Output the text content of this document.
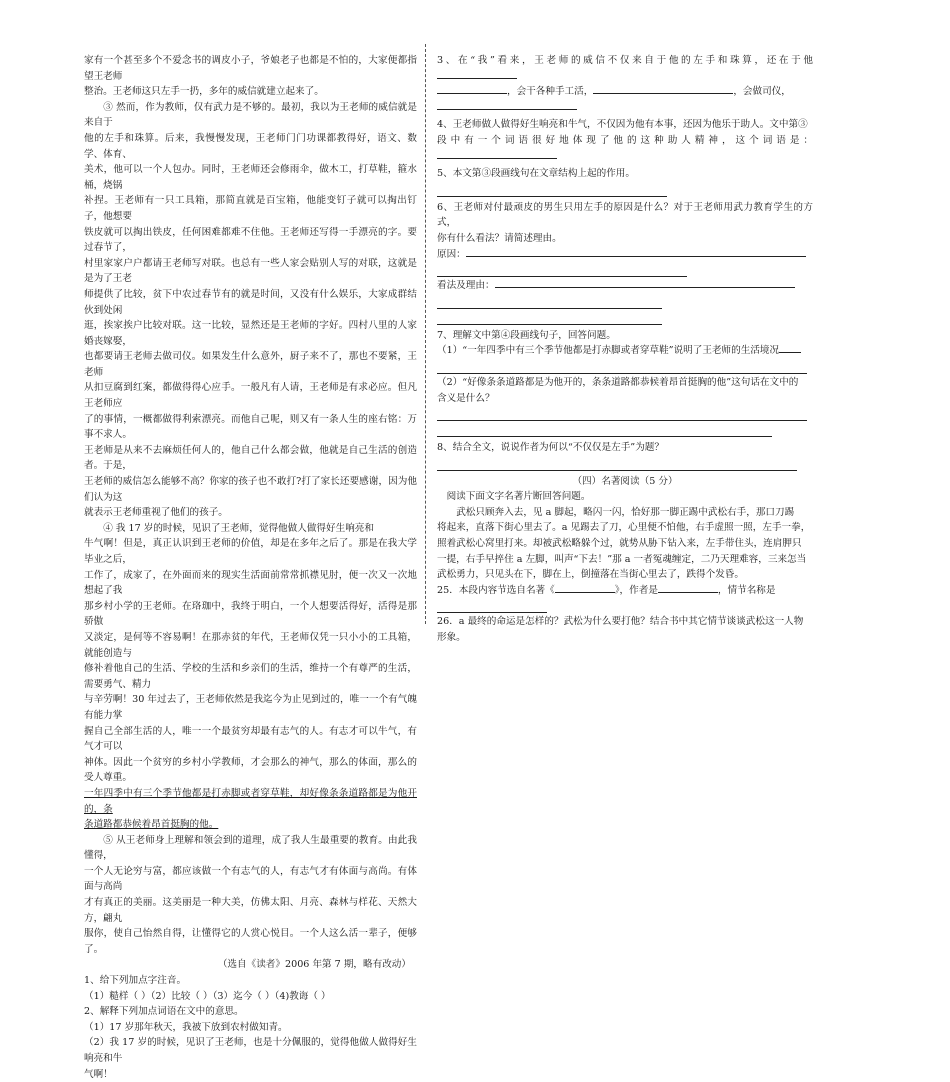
家有一个甚至多个不爱念书的调皮小子，爷娘老子也都是不怕的，大家便都指望王老师

整治。王老师这只左手一扔，多年的威信就建立起来了。

③ 然而，作为教师，仅有武力是不够的。最初，我以为王老师的威信就是来自于

他的左手和珠算。后来，我慢慢发现，王老师门门功课都教得好，语文、数学、体育、

美术，他可以一个人包办。同时，王老师还会修雨伞，做木工，打草鞋，箍水桶，烧锅

补捏。王老师有一只工具箱，那简直就是百宝箱，他能变钉子就可以掏出钉子，他想要

铁皮就可以掏出铁皮，任何困难都难不住他。王老师还写得一手漂亮的字。要过春节了，

村里家家户户都请王老师写对联。也总有一些人家会贴别人写的对联，这就是是为了王老

师提供了比较，贫下中农过春节有的就是时间，又没有什么娱乐，大家成群结伙到处闲

逛，挨家挨户比较对联。这一比较，显然还是王老师的字好。四村八里的人家婚丧嫁娶，

也都要请王老师去做司仪。如果发生什么意外，厨子来不了，那也不要紧，王老师

从扣豆腐到红案，都做得得心应手。一般凡有人请，王老师是有求必应。但凡王老师应

了的事情，一概都做得利索漂亮。而他自己呢，则又有一条人生的座右铭：万事不求人。

王老师是从来不去麻烦任何人的，他自己什么都会做，他就是自己生活的创造者。于是，

王老师的威信怎么能够不高？你家的孩子也不敢打?打了家长还要感谢，因为他们认为这

就表示王老师重视了他们的孩子。

④ 我 17 岁的时候，见识了王老师，觉得他做人做得好生响亮和

牛气啊！但是，真正认识到王老师的价值，却是在多年之后了。那是在我大学毕业之后，

工作了，成家了，在外面而来的现实生活面前常常抓襟见肘，便一次又一次地想起了我

那乡村小学的王老师。在珞珈中，我终于明白，一个人想要活得好，活得是那骄傲

又淡定，是何等不容易啊！在那赤贫的年代，王老师仅凭一只小小的工具箱，就能创造与

修补着他自己的生活、学校的生活和乡亲们的生活，维持一个有尊严的生活，需要勇气、精力

与辛劳啊！30 年过去了，王老师依然是我迄今为止见到过的，唯一一个有气魄有能力掌

握自己全部生活的人，唯一一个最贫穷却最有志气的人。有志才可以牛气，有气才可以

神体。因此一个贫穷的乡村小学教师，才会那么的神气，那么的体面，那么的受人尊重。

一年四季中有三个季节他都是打赤脚或者穿草鞋，却好像条条道路都是为他开的，条

条道路都恭候着昂首挺胸的他。

⑤ 从王老师身上理解和领会到的道理，成了我人生最重要的教育。由此我懂得，

一个人无论穷与富，都应该做一个有志气的人，有志气才有体面与高尚。有体面与高尚

才有真正的美丽。这美丽是一种大美，仿佛太阳、月亮、森林与样花、天然大方，翩丸

服你，使自己怡然自得，让懂得它的人赏心悦目。一个人这么活一辈子，便够了。

（选自《读者》2006 年第 7 期，略有改动）

1、给下列加点字注音。

（1）糙样（ ）（2）比较（ ）（3）迄今（ ）（4)教诲（ ）

2、解释下列加点词语在文中的意思。

（1）17 岁那年秋天，我被下放到农村做知青。

（2）我 17 岁的时候，见识了王老师，也是十分佩服的，觉得他做人做得好生响亮和牛

气啊！

3、在“我”看来，王老师的威信不仅来自于他的左手和珠算，还在于他

，会干各种手工活，	，会做司仪，

4、王老师做人做得好生响亮和牛气，不仅因为他有本事，还因为他乐于助人。文中第③

段中有一个词语很好地体现了他的这种助人精神，这个词语是：

5、本文第③段画线句在文章结构上起的作用。

6、王老师对付最顽皮的男生只用左手的原因是什么？对于王老师用武力教育学生的方式，

你有什么看法？请简述理由。

原因：

看法及理由：

7、理解文中第④段画线句子，回答问题。

（1）“一年四季中有三个季节他都是打赤脚或者穿草鞋”说明了王老师的生活境况

（2）“好像条条道路都是为他开的，条条道路都恭候着昂首挺胸的他”这句话在文中的

含义是什么？

8、结合全文，说说作者为何以“不仅仅是左手”为题？

（四）名著阅读（5 分）

阅读下面文字名著片断回答问题。

武松只顾奔入去，见 a 脚起，略闪一闪，恰好那一脚正踢中武松右手，那口刀踢

将起来，直落下街心里去了。a 见踢去了刀，心里便不怕他，右手虚照一照，左手一拳，

照着武松心窝里打来。却被武松略躲个过，就势从胁下钻入来，左手带住头，连肩胛只

一提，右手早捽住 a 左脚，叫声“下去！”那 a 一者冤魂缠定，二乃天理难容，三来怎当

武松勇力，只见头在下，脚在上，倒撞落在当街心里去了，跌得个发昏。

25．本段内容节选自名著《	》，作者是	，情节名称是

26．a 最终的命运是怎样的？武松为什么要打他？结合书中其它情节谈谈武松这一人物

形象。
